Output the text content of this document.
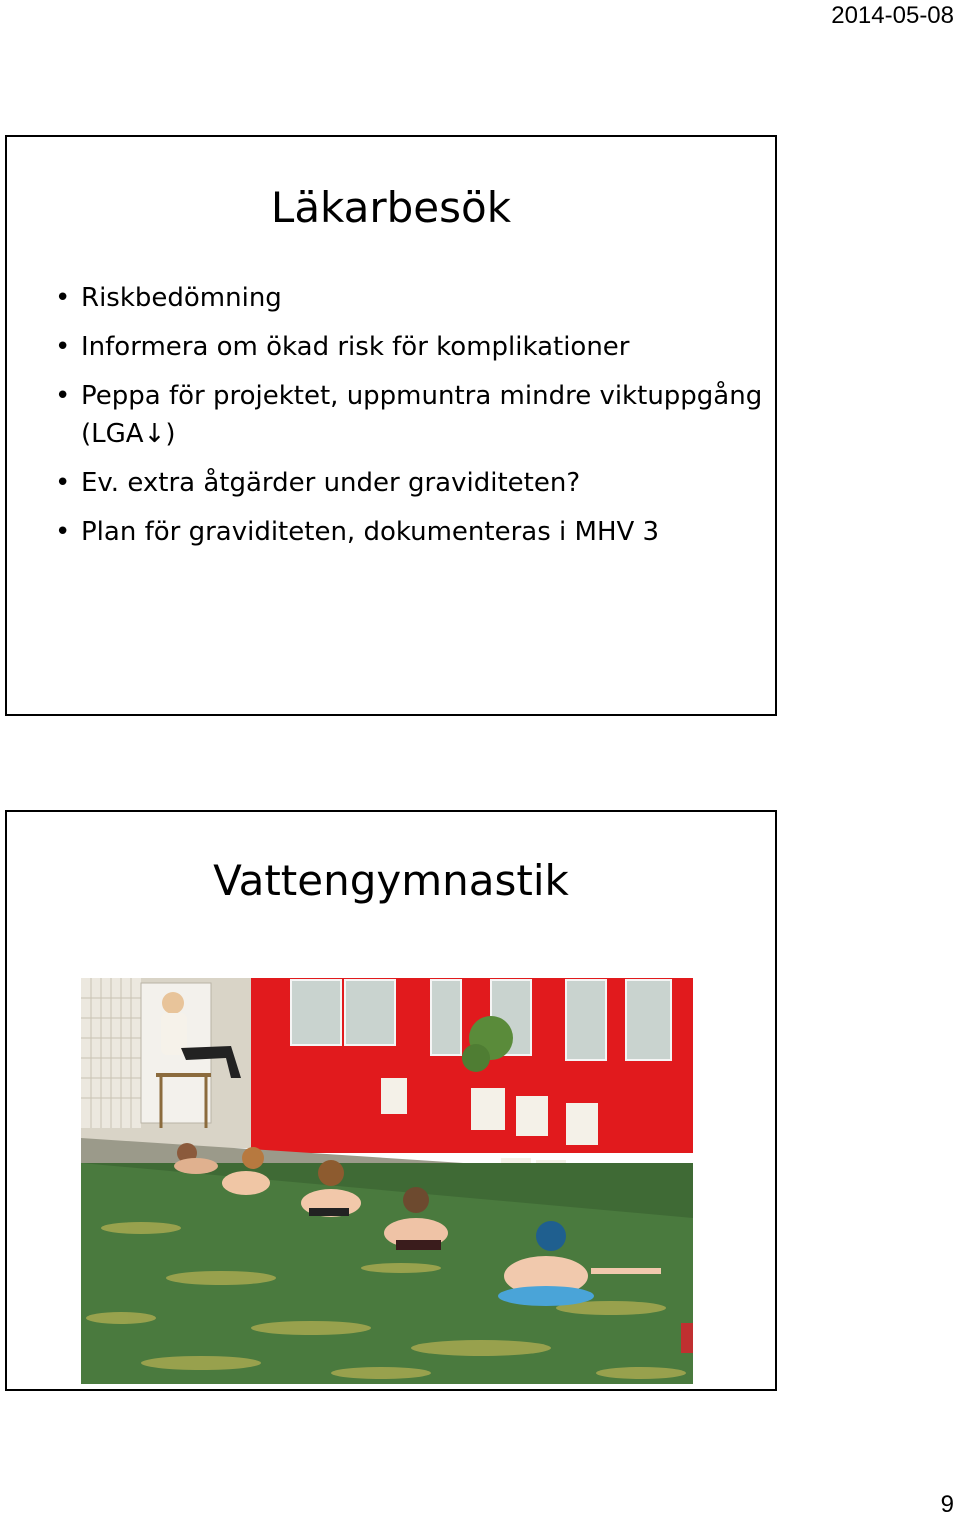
2014-05-08
Läkarbesök
• Riskbedömning
• Informera om ökad risk för komplikationer
• Peppa för projektet, uppmuntra mindre viktuppgång (LGA↓)
• Ev. extra åtgärder under graviditeten?
• Plan för graviditeten, dokumenteras i MHV 3
Vattengymnastik
9
